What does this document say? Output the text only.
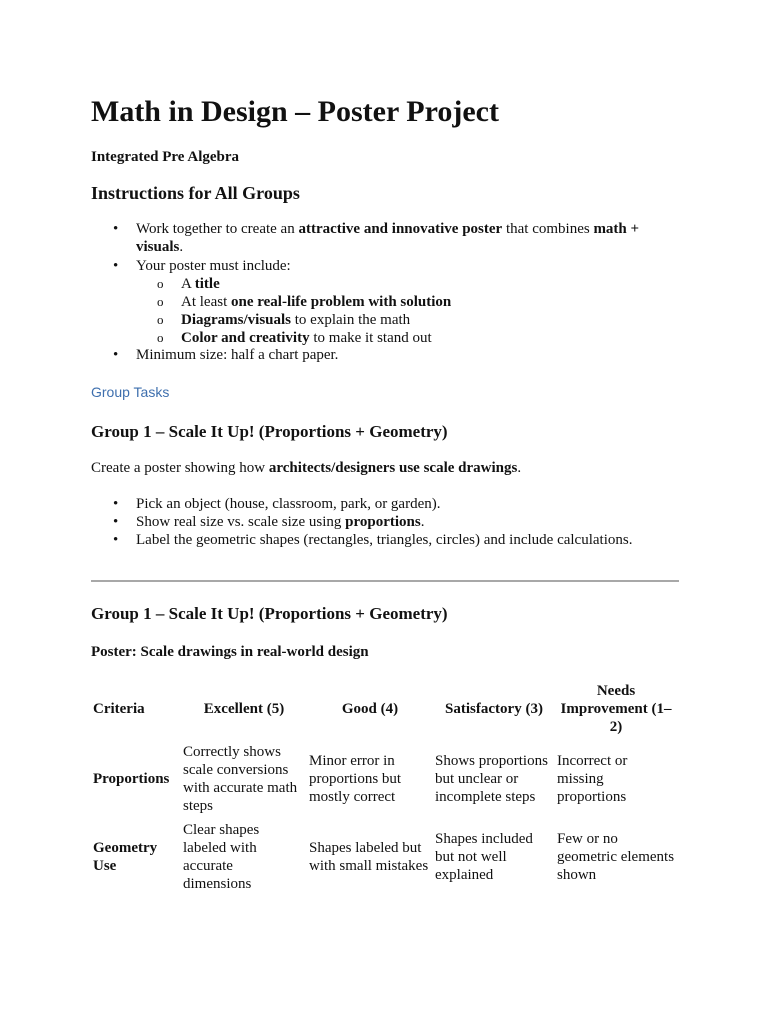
Math in Design – Poster Project
Integrated Pre Algebra
Instructions for All Groups
• Work together to create an attractive and innovative poster that combines math + visuals.
• Your poster must include:
o A title
o At least one real-life problem with solution
o Diagrams/visuals to explain the math
o Color and creativity to make it stand out
• Minimum size: half a chart paper.
Group Tasks
Group 1 – Scale It Up! (Proportions + Geometry)
Create a poster showing how architects/designers use scale drawings.
• Pick an object (house, classroom, park, or garden).
• Show real size vs. scale size using proportions.
• Label the geometric shapes (rectangles, triangles, circles) and include calculations.
Group 1 – Scale It Up! (Proportions + Geometry)
Poster: Scale drawings in real-world design
Criteria	Excellent (5)	Good (4)	Satisfactory (3)	Needs Improvement (1–2)
Proportions	Correctly shows scale conversions with accurate math steps	Minor error in proportions but mostly correct	Shows proportions but unclear or incomplete steps	Incorrect or missing proportions
Geometry Use	Clear shapes labeled with accurate dimensions	Shapes labeled but with small mistakes	Shapes included but not well explained	Few or no geometric elements shown
